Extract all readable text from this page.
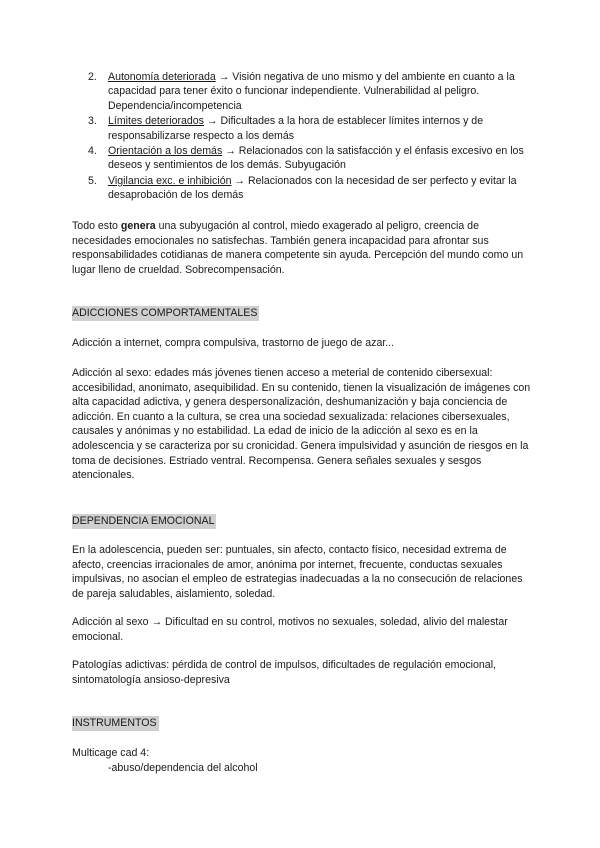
2. Autonomía deteriorada → Visión negativa de uno mismo y del ambiente en cuanto a la capacidad para tener éxito o funcionar independiente. Vulnerabilidad al peligro. Dependencia/incompetencia
3. Límites deteriorados → Dificultades a la hora de establecer límites internos y de responsabilizarse respecto a los demás
4. Orientación a los demás → Relacionados con la satisfacción y el énfasis excesivo en los deseos y sentimientos de los demás. Subyugación
5. Vigilancia exc. e inhibición → Relacionados con la necesidad de ser perfecto y evitar la desaprobación de los demás

Todo esto genera una subyugación al control, miedo exagerado al peligro, creencia de necesidades emocionales no satisfechas. También genera incapacidad para afrontar sus responsabilidades cotidianas de manera competente sin ayuda. Percepción del mundo como un lugar lleno de crueldad. Sobrecompensación.

ADICCIONES COMPORTAMENTALES

Adicción a internet, compra compulsiva, trastorno de juego de azar...

Adicción al sexo: edades más jóvenes tienen acceso a meterial de contenido cibersexual: accesibilidad, anonimato, asequibilidad. En su contenido, tienen la visualización de imágenes con alta capacidad adictiva, y genera despersonalización, deshumanización y baja conciencia de adicción. En cuanto a la cultura, se crea una sociedad sexualizada: relaciones cibersexuales, causales y anónimas y no estabilidad. La edad de inicio de la adicción al sexo es en la adolescencia y se caracteriza por su cronicidad. Genera impulsividad y asunción de riesgos en la toma de decisiones. Estriado ventral. Recompensa. Genera señales sexuales y sesgos atencionales.

DEPENDENCIA EMOCIONAL

En la adolescencia, pueden ser: puntuales, sin afecto, contacto físico, necesidad extrema de afecto, creencias irracionales de amor, anónima por internet, frecuente, conductas sexuales impulsivas, no asocian el empleo de estrategias inadecuadas a la no consecución de relaciones de pareja saludables, aislamiento, soledad.

Adicción al sexo → Dificultad en su control, motivos no sexuales, soledad, alivio del malestar emocional.

Patologías adictivas: pérdida de control de impulsos, dificultades de regulación emocional, sintomatología ansioso-depresiva

INSTRUMENTOS

Multicage cad 4:

-abuso/dependencia del alcohol
